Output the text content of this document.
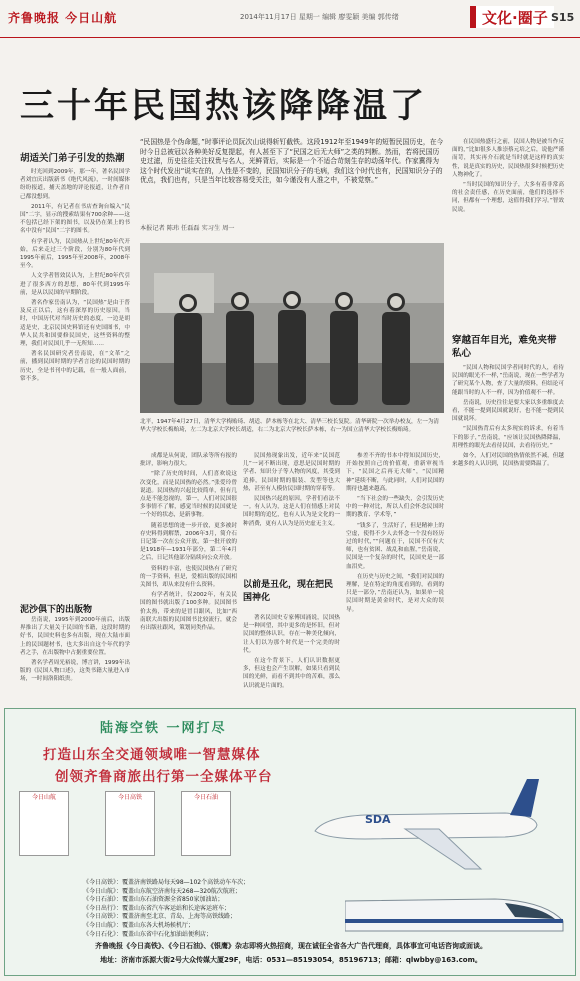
齐鲁晚报 今日山航	2014年11月17日 星期一 编辑 廖雯颖 美编 郭传绪	文化·圈子 S15
三十年民国热该降降温了
胡适关门弟子引发的热潮

时光回到2009年，那一年，著名民国学者刘宜庆出版新书《绝代风流》，一时间媒体纷纷报道，捕天盖地的评论报道，让作者自己都没想到。

2011年，有记者在书店查询台编入“民国”二字，显示的搜索结果有700余种——这不包括已经下架的图书，以及仍在架上的书名中没有“民国”二字的图书。

有学者认为，民国热从上世纪80年代开始，后来走过三个阶段，分别为80年代到1995年前后，1995年至2008年，2008年至今。

人文学者智效民认为，上世纪80年代引进了很多西方的思想，80年代到1995年前，是从以民国的早期阶段。

著名作家岳南认为，“民国热”是由于普及反正以后，这有着深厚的历史原因。当时，中国历代对当时历史的态度，一边是胡适是史，北京民国史料馆还有史国图书，中华人民共和国要修民国史，这些资料的整理，我们对民国几乎一无所知……

著名民国研究者岳南说，在“文革”之前，播到民国时期的学者言论的民国时期的历史，全是书刊中的记载，在一般人面前，常不多。

泥沙俱下的出版物

岳南说，1995年到2000年前后，出版界推出了大量关于民国的书籍，这段时期的好书，民国史料也多有出版，现在大陆市面上的民国题材书，也大多出自这个年代的学者之手，在出版物中占据重要位置。

著名学者周光裕说，博言讲，1999年出版的《民国人物口述》，这类书籍大量进入市场，一时间洛阳纸贵。

“民国热是个伪命题，”时事评论员阮次山说得斩钉截铁。这段1912年至1949年的短暂民国历史，在今时今日总被冠以各种美好反复提起，有人甚至下了“民国之后无大师”之类的判断。然而，若将民国历史过滤，历史往往关注权贵与名人，光鲜背后，实际是一个不适合苛刻生存的动荡年代。作家冀得为这个时代发出“说实在的，人性是不变的，民国知识分子的毛病，我们这个时代也有，民国知识分子的优点，我们也有，只是当年比较容易受关注，如今谨没有人淮之中，不被觉察。”
本报记者 陈玮 任磊磊 实习生 周一
北平，1947年4月27日，清华大学梅贻琦、胡适、萨本栋等在北大、清华三校长复院。清华研院一次举办校友，左一为清华大学校长梅贻琦，左二为北京大学校长胡适，右二为北京大学校长萨本栋，右一为国立清华大学校长梅贻琦。

成都是从何说，团队录等所有报的批评，影响力很大。

“除了历史的时间，人们喜欢说这次变化，而是民国热的必然。”张爱玲曾说道。民国热的兴起比较简单，但有几点是不能忽视的，第一，人们对民国很多事情不了解，感觉当时候的民国就是一个好的状态，是新事物。

随着思想的进一步开放，更多被封存史料得到解禁，2006年3月，简介石日记第一次在公众开放，第一批开放的是1918年—1931年部分，第二年4月之后，日记其他部分陆续向公众开放。

资料的丰富，也使民国热有了研究的一手资料，但是，爱相出版的民国相关图书，却从来没有什么资料。

有学者统计，仅2002年，有关民国的图书就出版了100多种。民国图书价太热，带来的是冒目跟风，比如“西南联大出版的民国图书比较流行，就会有出版社跟风，策划同类作品。

民国热现象出发，近年来“民国范儿”一词不断出现，意思是民国时期的学者、知识分子等人物的风度，其受到追捧，民国时期的服装、发型等也大热，甚至有人模仿民国时期的穿着等。

民国热兴起的原因，学者们看法不一。有人认为，这是人们在情感上对民国时期的追忆，也有人认为是文化的一种消费，更有人认为是历史虚无主义。

以前是丑化，现在把民国神化

著名民国史专家傅国涌说，民国热是一种回望，其中更多的是怀旧，但对民国的整体认识，存在一种美化倾向，让人们以为那个时代是一个完美的时代。

在这个背景下，人们认识数据更多，但这也会产生误解，如果只看到民国的光鲜，而看不到其中的苦难，那么认识就是片面的。

参差不齐的书本中得知民国历史，开始按照自己的价值观，重新审视当下，“民国之后再无大师”，“民国精神”延续不断，与此同时，人们对民国的期待也越来越高。

“当下社会的一些缺失，会引发历史中的一种对比，所以人们会怀念民国时期的教育、学术等，”

“钱多了，生活好了，但是精神上的空虚，使得不少人去怀念一个没有经历过的时代，”“问题在于，民国不仅有大师，也有贫困、战乱和血腥，”岳南说，民国是一个复杂的时代，民国史是一部血泪史。

在历史与历史之间，“我们对民国的理解，是在特定的角度看到的，看到的只是一部分，”岳南还认为，如果单一说民国时期是黄金时代，是对大众的误导。

在民国热盛行之前，民国人物是被当作反面的，”比如很多人推崇蔡元培之后，说他严谨而苛，其实再介石就是当时就是这样的真实性，说是真实的历史，民国热很多时候把历史人物神化了。

“当时民国的知识分子，大多有着非常高的社会责任感，在历史面前，他们的选择不同，但都有一个理想，这值得我们学习。”智效民说。

穿越百年目光，难免夹带私心

“民国人物和民国学者同时代的人，看待民国的眼光不一样，”岳南说，现在一些学者为了研究某个人物，查了大量的资料，但结论可能跟当时的人不一样，因为价值观不一样。

岳南说，历史往往是要大家以多重维度去看，不能一提到民国就说好，也不能一提到民国就说坏。

“民国热背后有太多现实的诉求，有着当下的影子，”岳南说，“应该让民国热降降温，用理性的眼光去看待民国，去看待历史。”

如今，人们对民国的热情依然不减，但越来越多的人认识到，民国热需要降温了。

陆海空铁 一网打尽
打造山东全交通领域唯一智慧媒体
创领齐鲁商旅出行第一全媒体平台
今日山航	今日高铁	今日石油
SDA
《今日高铁》：覆盖济南铁路局每天98—102个高铁动车车次；
《今日山航》：覆盖山东航空济南每天268—320航次航班；
《今日石油》：覆盖山东石油资源全省850家加油站；
《今日出行》：覆盖山东省汽车客运站和长途客运班车；
《今日高铁》：覆盖济南至北京、青岛、上海等高铁线路；
《今日山航》：覆盖山东各大机场候机厅；
《今日石化》：覆盖山东省中石化加油站便利店；
齐鲁晚报《今日高铁》、《今日石油》、《银鹰》杂志即将火热招商，现在诚征全省各大广告代理商，具体事宜可电话咨询或面谈。
地址：济南市泺源大街2号大众传媒大厦29F，电话：0531—85193054，85196713；邮箱：qlwbby@163.com。
